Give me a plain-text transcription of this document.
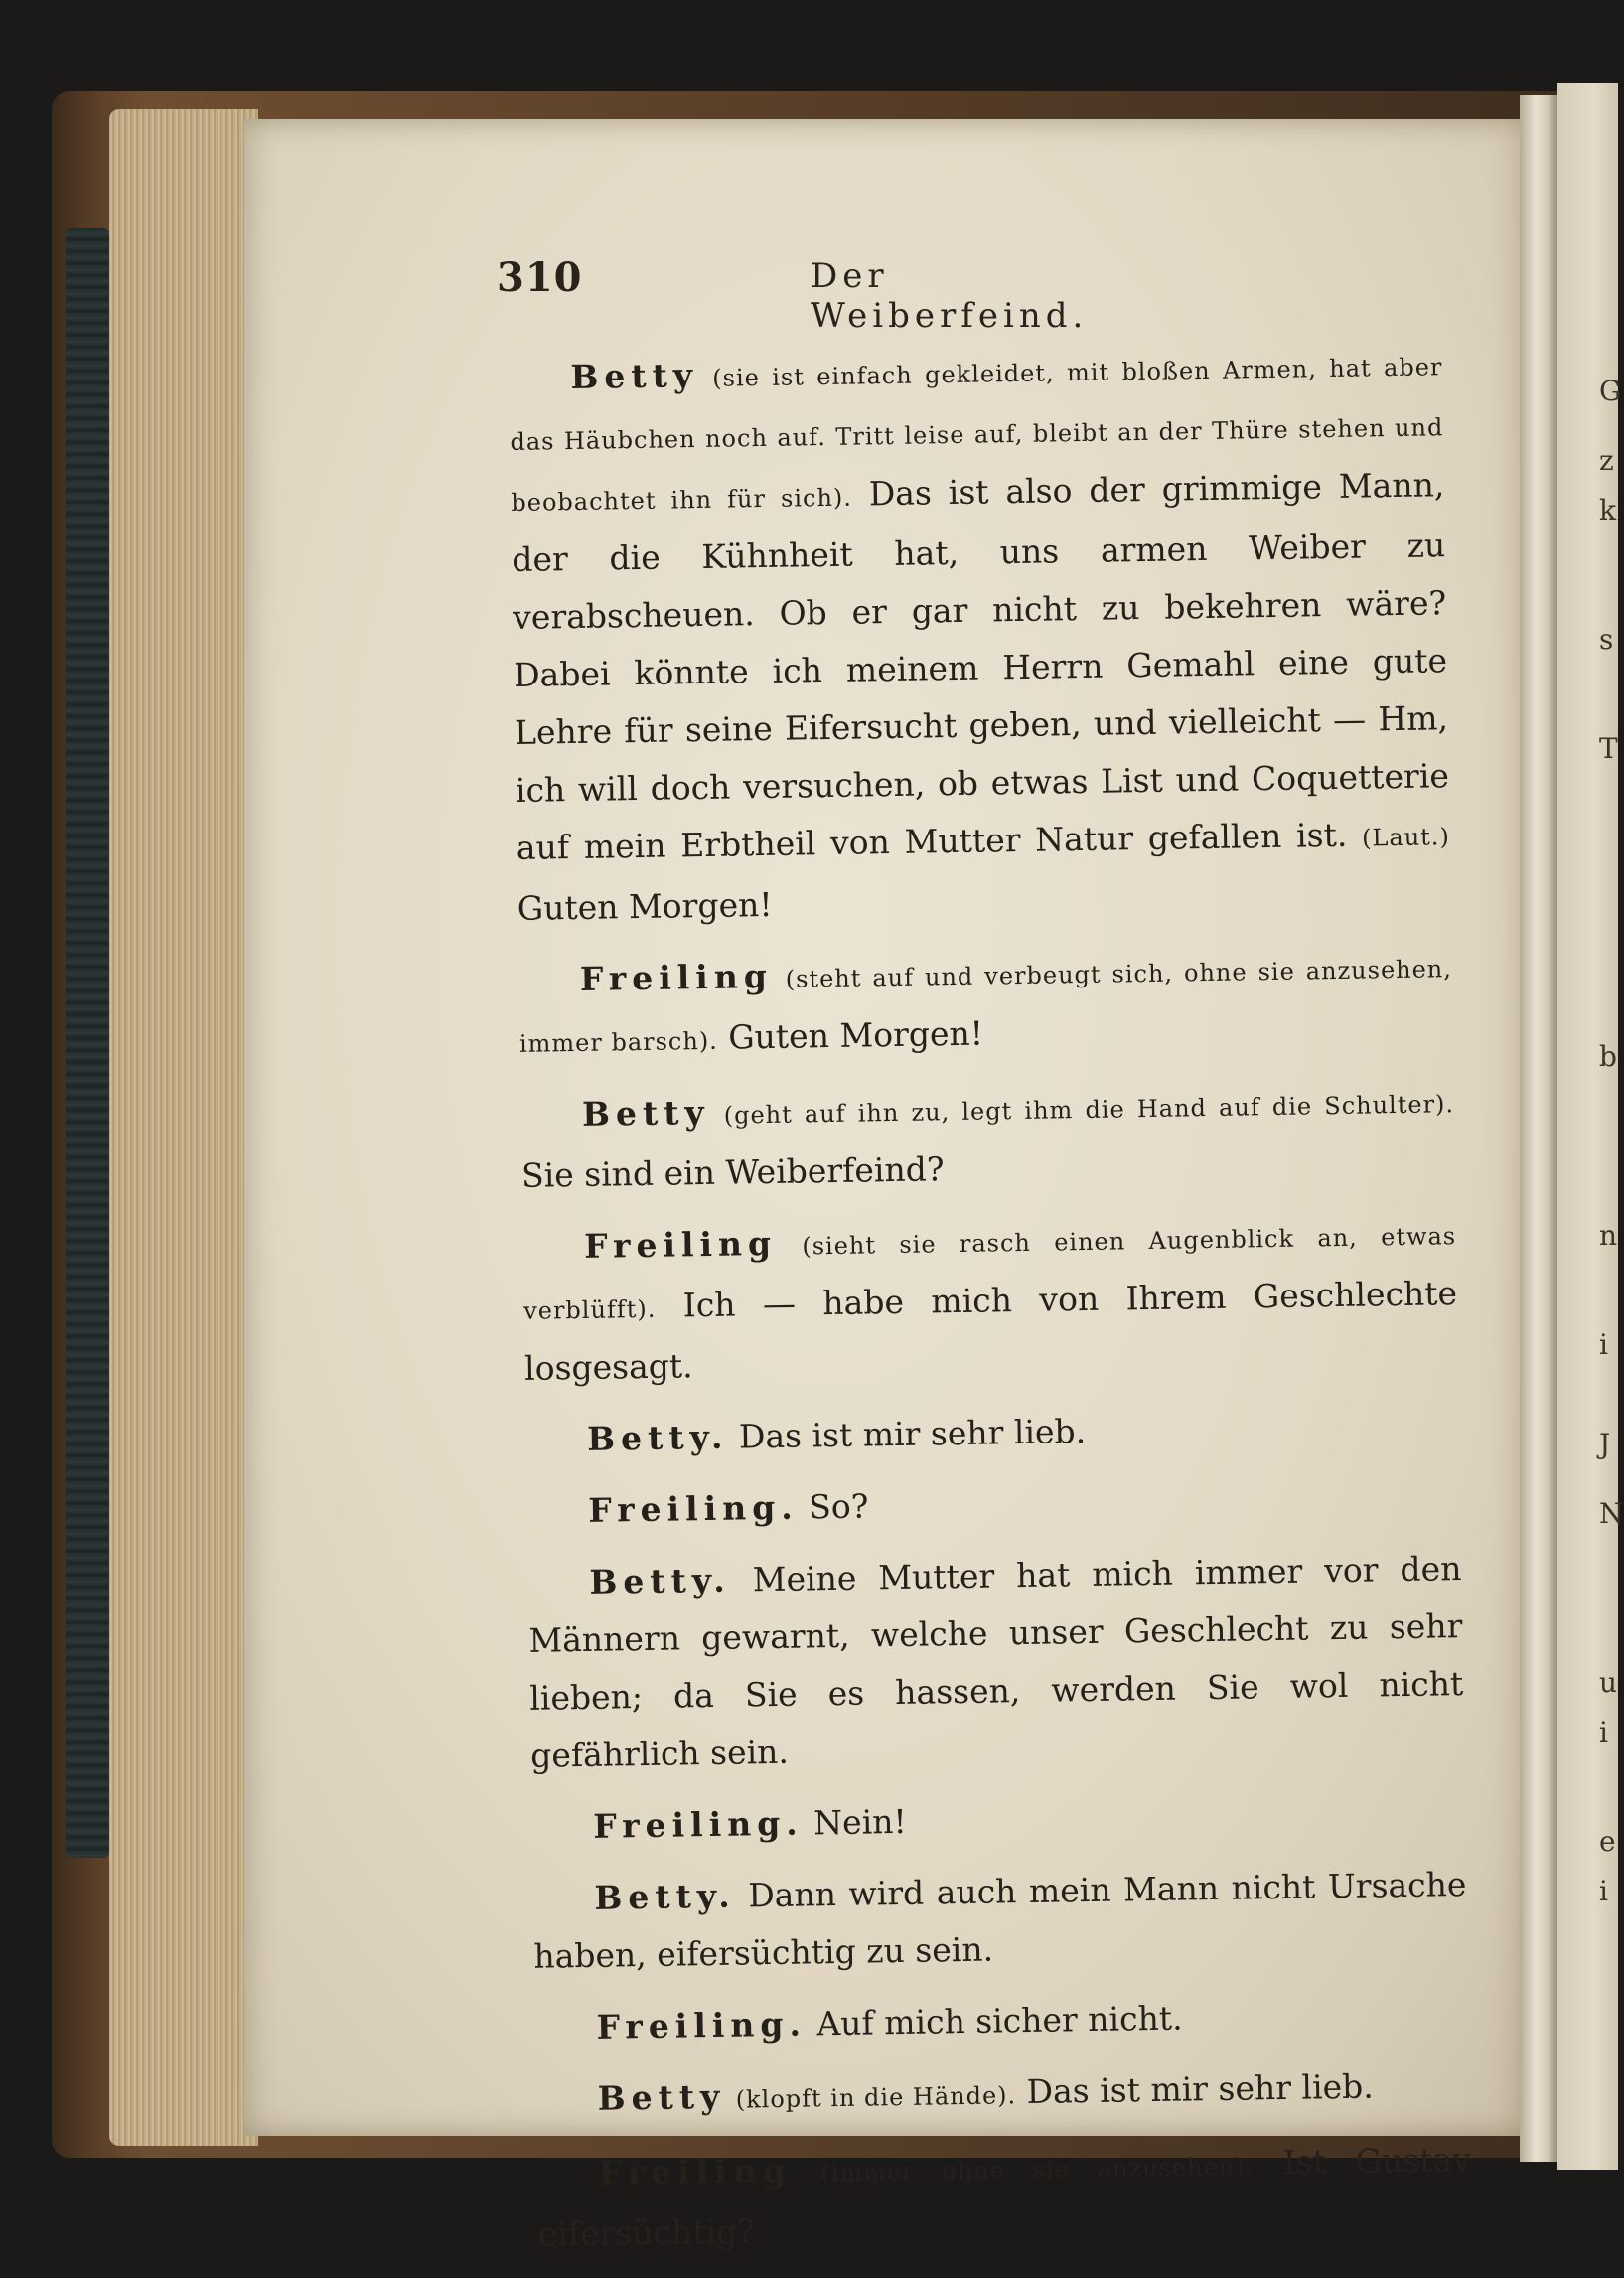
G
z
k
s
T
b
n
i
J
N
u
i
e
i
310	Der Weiberfeind.

Betty (sie ist einfach gekleidet, mit bloßen Armen, hat aber das Häubchen noch auf. Tritt leise auf, bleibt an der Thüre stehen und beobachtet ihn für sich). Das ist also der grimmige Mann, der die Kühnheit hat, uns armen Weiber zu verabscheuen. Ob er gar nicht zu bekehren wäre? Dabei könnte ich meinem Herrn Gemahl eine gute Lehre für seine Eifersucht geben, und vielleicht — Hm, ich will doch versuchen, ob etwas List und Coquetterie auf mein Erbtheil von Mutter Natur gefallen ist. (Laut.) Guten Morgen!

Freiling (steht auf und verbeugt sich, ohne sie anzusehen, immer barsch). Guten Morgen!

Betty (geht auf ihn zu, legt ihm die Hand auf die Schulter). Sie sind ein Weiberfeind?

Freiling (sieht sie rasch einen Augenblick an, etwas verblüfft). Ich — habe mich von Ihrem Geschlechte losgesagt.

Betty. Das ist mir sehr lieb.

Freiling. So?

Betty. Meine Mutter hat mich immer vor den Männern gewarnt, welche unser Geschlecht zu sehr lieben; da Sie es hassen, werden Sie wol nicht gefährlich sein.

Freiling. Nein!

Betty. Dann wird auch mein Mann nicht Ursache haben, eifersüchtig zu sein.

Freiling. Auf mich sicher nicht.

Betty (klopft in die Hände). Das ist mir sehr lieb.

Freiling (immer ohne sie anzusehen). Ist Gustav eifersüchtig?
